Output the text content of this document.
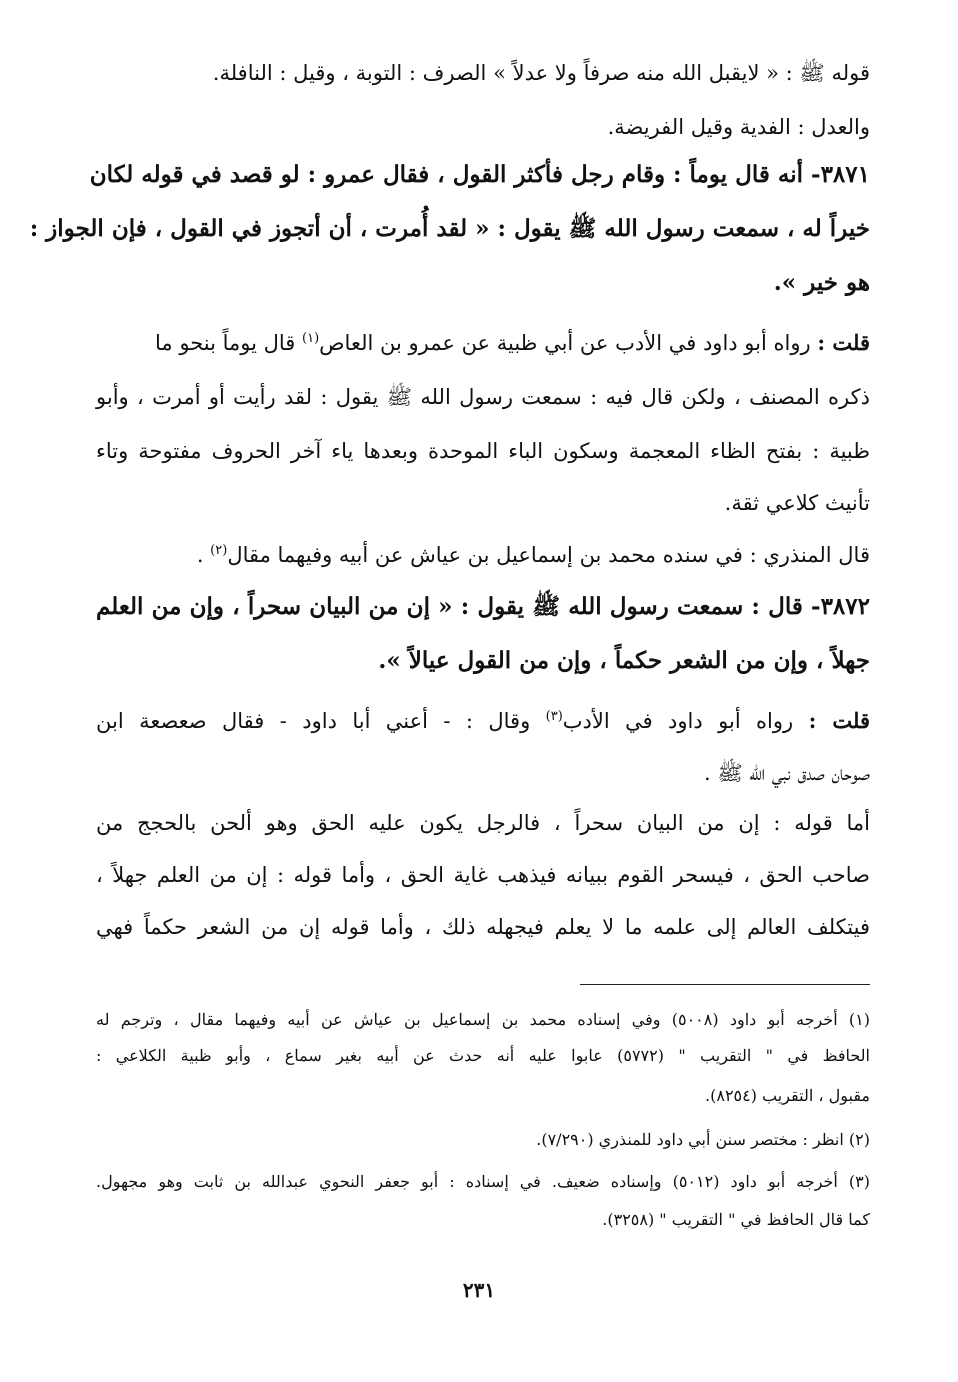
قوله ﷺ : « لايقبل الله منه صرفاً ولا عدلاً » الصرف : التوبة ، وقيل : النافلة.
والعدل : الفدية وقيل الفريضة.
٣٨٧١- أنه قال يوماً : وقام رجل فأكثر القول ، فقال عمرو : لو قصد في قوله لكان
خيراً له ، سمعت رسول الله ﷺ يقول : « لقد أُمرت ، أن أتجوز في القول ، فإن الجواز :
هو خير ».
قلت : رواه أبو داود في الأدب عن أبي ظبية عن عمرو بن العاص$^{(١)}$ قال يوماً بنحو ما
ذكره المصنف ، ولكن قال فيه : سمعت رسول الله ﷺ يقول : لقد رأيت أو أمرت ، وأبو
ظبية : بفتح الظاء المعجمة وسكون الباء الموحدة وبعدها ياء آخر الحروف مفتوحة وتاء
تأنيث كلاعي ثقة.
قال المنذري : في سنده محمد بن إسماعيل بن عياش عن أبيه وفيهما مقال$^{(٢)}$ .
٣٨٧٢- قال : سمعت رسول الله ﷺ يقول : « إن من البيان سحراً ، وإن من العلم
جهلاً ، وإن من الشعر حكماً ، وإن من القول عيالاً ».
قلت : رواه أبو داود في الأدب$^{(٣)}$ وقال : - أعني أبا داود - فقال صعصعة ابن
صوحان صدق نبي الله ﷺ .
أما قوله : إن من البيان سحراً ، فالرجل يكون عليه الحق وهو ألحن بالحجج من
صاحب الحق ، فيسحر القوم ببيانه فيذهب غاية الحق ، وأما قوله : إن من العلم جهلاً ،
فيتكلف العالم إلى علمه ما لا يعلم فيجهله ذلك ، وأما قوله إن من الشعر حكماً فهي
(١) أخرجه أبو داود (٥٠٠٨) وفي إسناده محمد بن إسماعيل بن عياش عن أبيه وفيهما مقال ، وترجم له
الحافظ في " التقريب " (٥٧٧٢) عابوا عليه أنه حدث عن أبيه بغير سماع ، وأبو ظبية الكلاعي :
مقبول ، التقريب (٨٢٥٤).
(٢) انظر : مختصر سنن أبي داود للمنذري (٧/٢٩٠).
(٣) أخرجه أبو داود (٥٠١٢) وإسناده ضعيف. في إسناده : أبو جعفر النحوي عبدالله بن ثابت وهو مجهول.
كما قال الحافظ في " التقريب " (٣٢٥٨).
٢٣١
